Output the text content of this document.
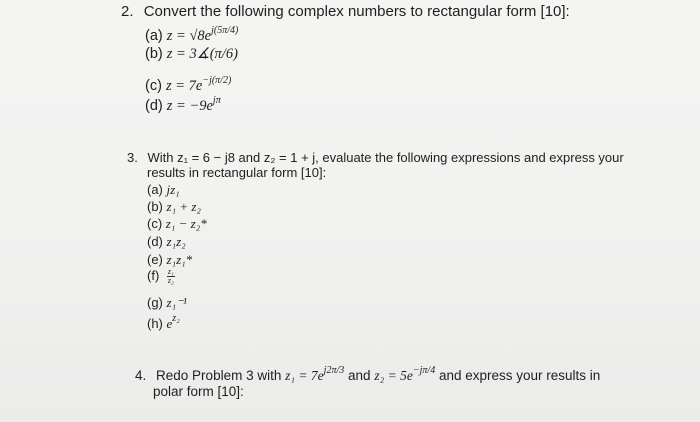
2. Convert the following complex numbers to rectangular form [10]:
(a) $z = √8e^{j(5\pi/4)}$
(b) z = 3∡(π/6)
(c) $z = 7e^{-j(\pi/2)}$
(d) $z = -9e^{j\pi}$
3. With z₁ = 6 − j8 and z₂ = 1 + j, evaluate the following expressions and express your
results in rectangular form [10]:
(a) jz₁
(b) z₁ + z₂
(c) z₁ − z₂*
(d) z₁z₂
(e) z₁z₁*
$(f) \frac{\text{z₁}}{\text{z₂}}$
(g) z₁⁻¹
(h) $e^{z_2}$
4. Redo Problem 3 with $z_1 = 7e^{j2\pi/3}$ and $z_2 = 5e^{-j\pi/4}$ and express your results in
polar form [10]:
